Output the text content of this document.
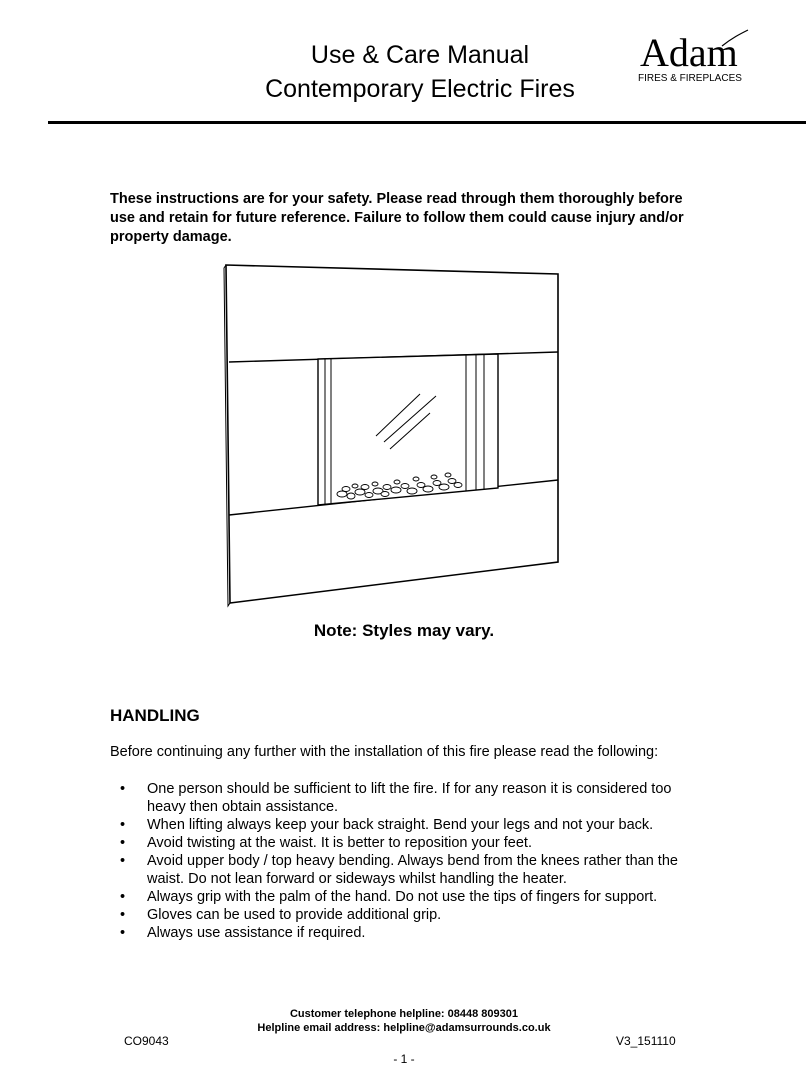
Use & Care Manual
Contemporary Electric Fires
Adam
FIRES & FIREPLACES
These instructions are for your safety. Please read through them thoroughly before use and retain for future reference. Failure to follow them could cause injury and/or property damage.
Note: Styles may vary.
HANDLING
Before continuing any further with the installation of this fire please read the following:
• One person should be sufficient to lift the fire. If for any reason it is considered too heavy then obtain assistance.
• When lifting always keep your back straight. Bend your legs and not your back.
• Avoid twisting at the waist. It is better to reposition your feet.
• Avoid upper body / top heavy bending. Always bend from the knees rather than the waist. Do not lean forward or sideways whilst handling the heater.
• Always grip with the palm of the hand. Do not use the tips of fingers for support.
• Gloves can be used to provide additional grip.
• Always use assistance if required.
Customer telephone helpline: 08448 809301
Helpline email address: helpline@adamsurrounds.co.uk
CO9043	V3_151110
- 1 -
